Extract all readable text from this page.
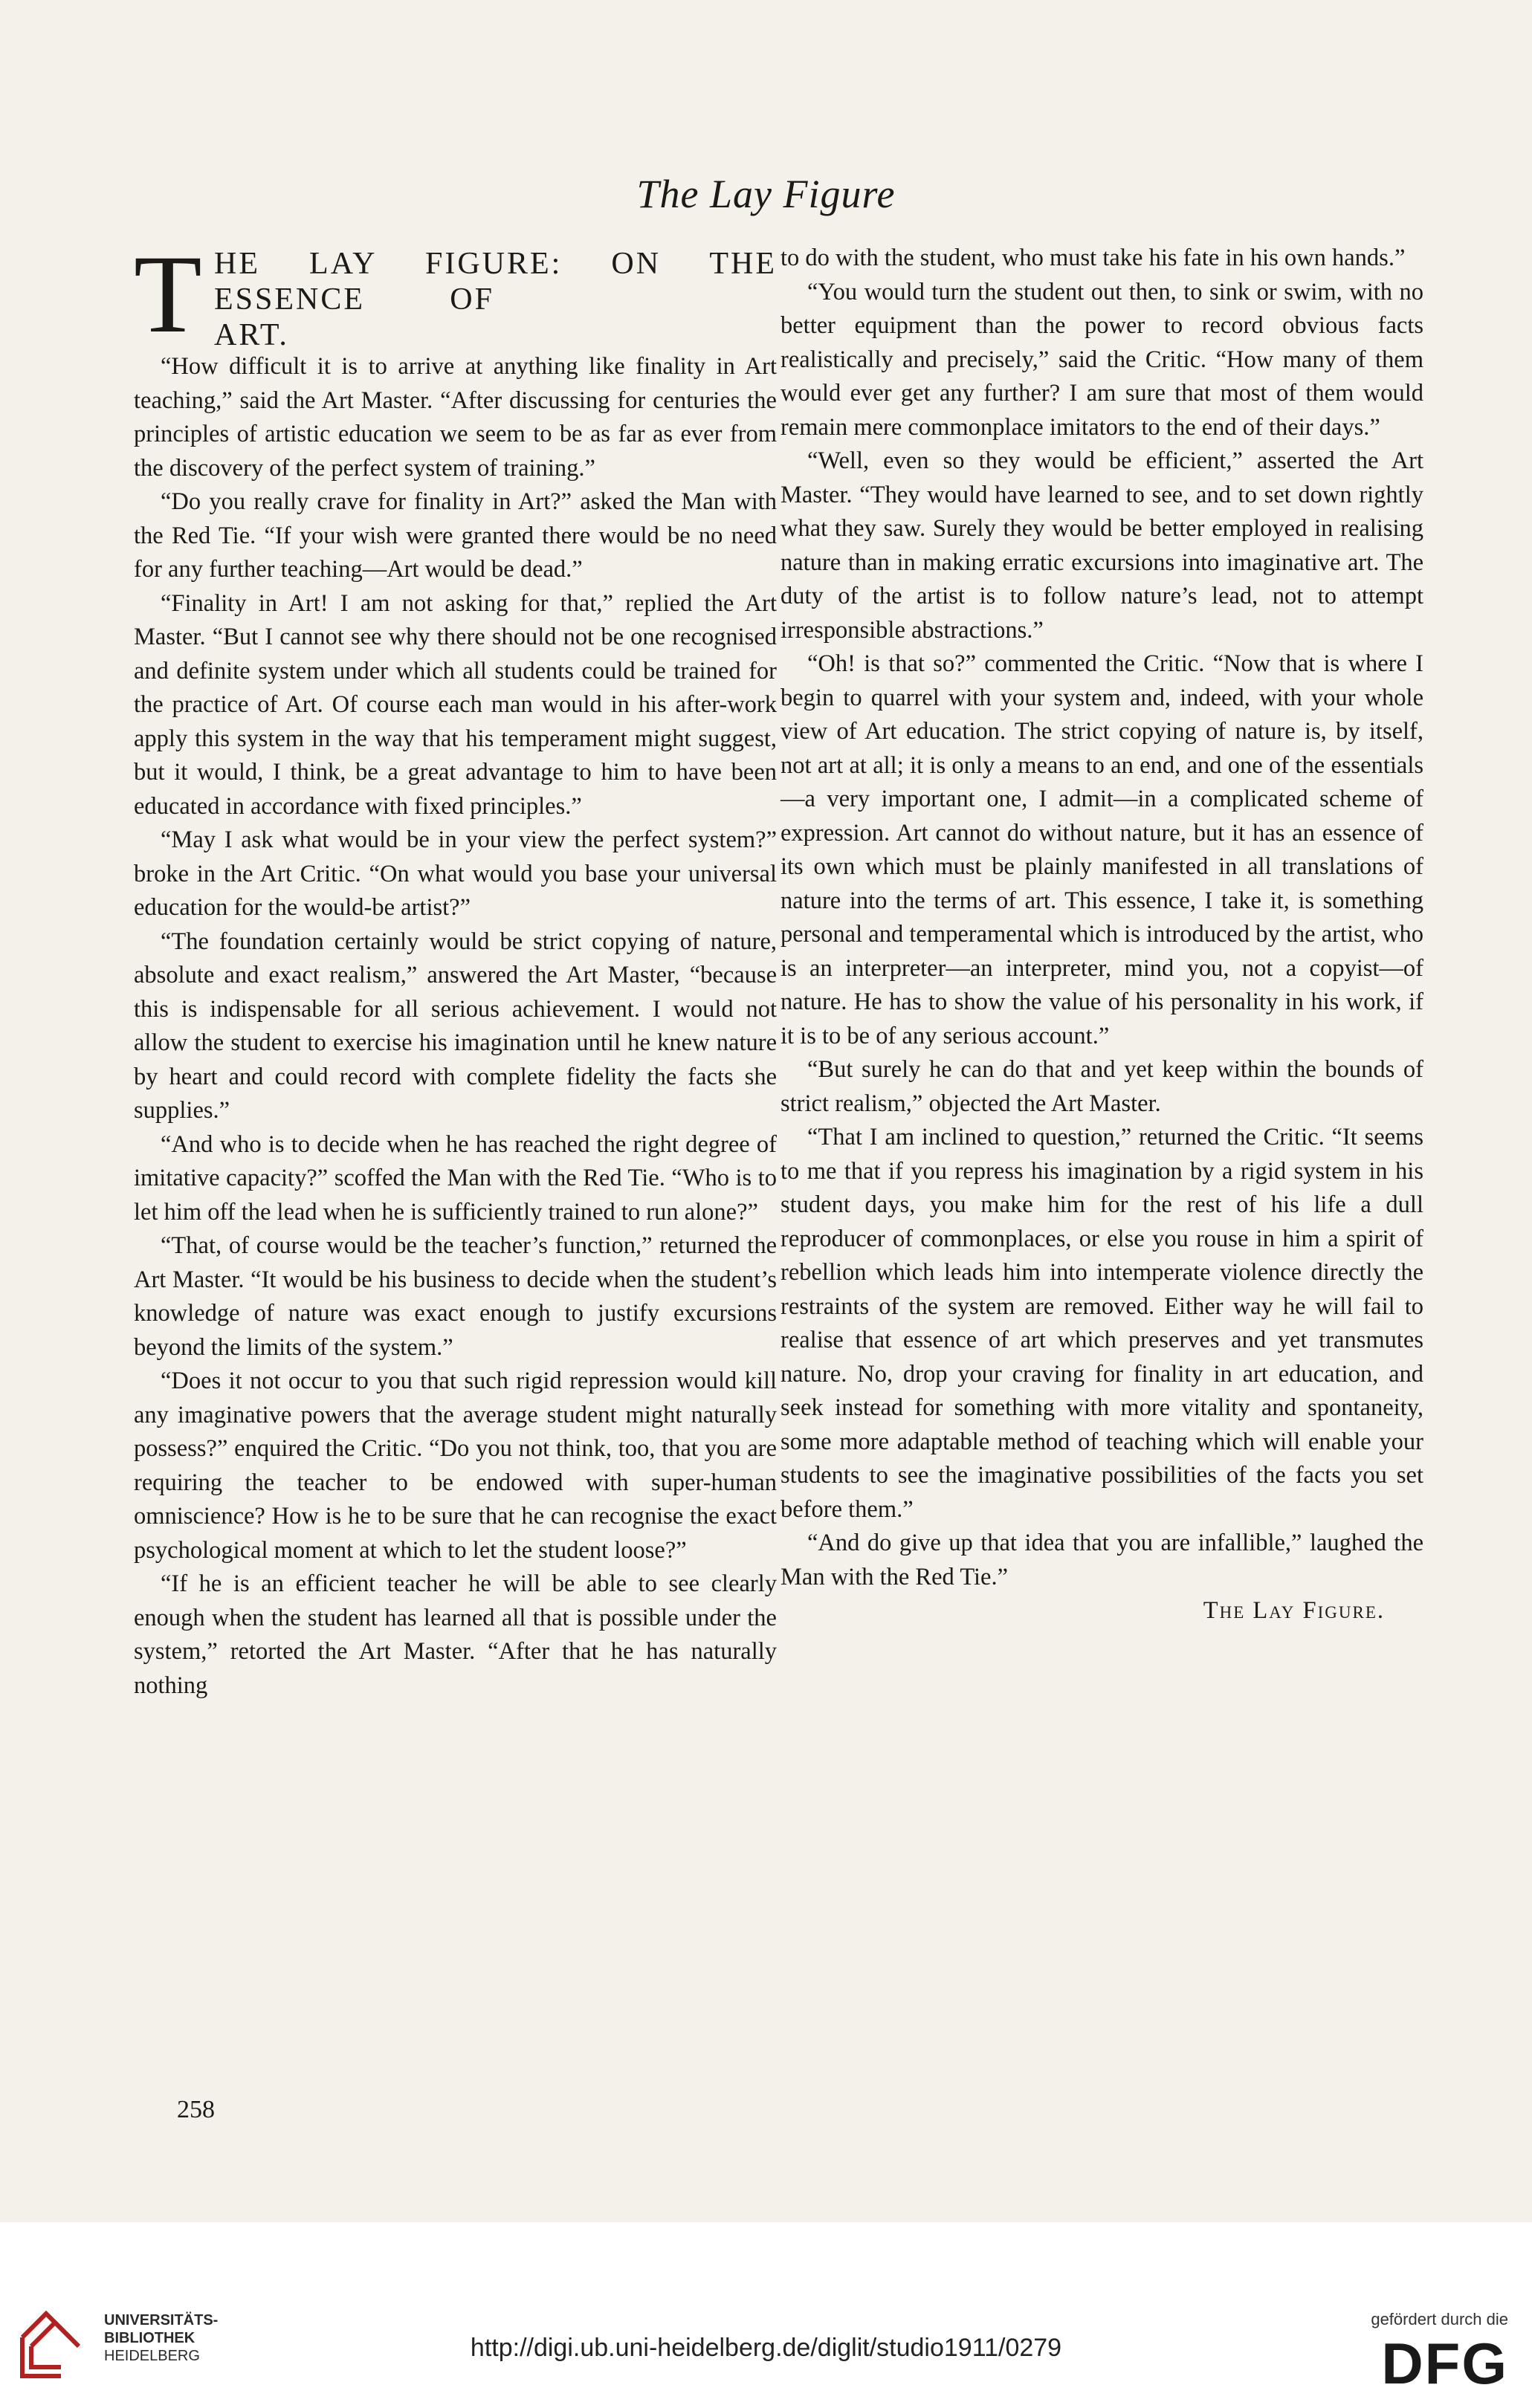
The Lay Figure
T HE LAY FIGURE: ON THE
ESSENCE OF ART.

“How difficult it is to arrive at anything like finality in Art teaching,” said the Art Master. “After discussing for centuries the principles of artistic education we seem to be as far as ever from the discovery of the perfect system of training.”

“Do you really crave for finality in Art?” asked the Man with the Red Tie. “If your wish were granted there would be no need for any further teaching—Art would be dead.”

“Finality in Art! I am not asking for that,” replied the Art Master. “But I cannot see why there should not be one recognised and definite system under which all students could be trained for the practice of Art. Of course each man would in his after-work apply this system in the way that his temperament might suggest, but it would, I think, be a great advantage to him to have been educated in accordance with fixed principles.”

“May I ask what would be in your view the perfect system?” broke in the Art Critic. “On what would you base your universal education for the would-be artist?”

“The foundation certainly would be strict copying of nature, absolute and exact realism,” answered the Art Master, “because this is indispensable for all serious achievement. I would not allow the student to exercise his imagination until he knew nature by heart and could record with complete fidelity the facts she supplies.”

“And who is to decide when he has reached the right degree of imitative capacity?” scoffed the Man with the Red Tie. “Who is to let him off the lead when he is sufficiently trained to run alone?”

“That, of course would be the teacher’s function,” returned the Art Master. “It would be his business to decide when the student’s knowledge of nature was exact enough to justify excursions beyond the limits of the system.”

“Does it not occur to you that such rigid repression would kill any imaginative powers that the average student might naturally possess?” enquired the Critic. “Do you not think, too, that you are requiring the teacher to be endowed with super-human omniscience? How is he to be sure that he can recognise the exact psychological moment at which to let the student loose?”

“If he is an efficient teacher he will be able to see clearly enough when the student has learned all that is possible under the system,” retorted the Art Master. “After that he has naturally nothing

to do with the student, who must take his fate in his own hands.”

“You would turn the student out then, to sink or swim, with no better equipment than the power to record obvious facts realistically and precisely,” said the Critic. “How many of them would ever get any further? I am sure that most of them would remain mere commonplace imitators to the end of their days.”

“Well, even so they would be efficient,” asserted the Art Master. “They would have learned to see, and to set down rightly what they saw. Surely they would be better employed in realising nature than in making erratic excursions into imaginative art. The duty of the artist is to follow nature’s lead, not to attempt irresponsible abstractions.”

“Oh! is that so?” commented the Critic. “Now that is where I begin to quarrel with your system and, indeed, with your whole view of Art education. The strict copying of nature is, by itself, not art at all; it is only a means to an end, and one of the essentials—a very important one, I admit—in a complicated scheme of expression. Art cannot do without nature, but it has an essence of its own which must be plainly manifested in all translations of nature into the terms of art. This essence, I take it, is something personal and temperamental which is introduced by the artist, who is an interpreter—an interpreter, mind you, not a copyist—of nature. He has to show the value of his personality in his work, if it is to be of any serious account.”

“But surely he can do that and yet keep within the bounds of strict realism,” objected the Art Master.

“That I am inclined to question,” returned the Critic. “It seems to me that if you repress his imagination by a rigid system in his student days, you make him for the rest of his life a dull reproducer of commonplaces, or else you rouse in him a spirit of rebellion which leads him into intemperate violence directly the restraints of the system are removed. Either way he will fail to realise that essence of art which preserves and yet transmutes nature. No, drop your craving for finality in art education, and seek instead for something with more vitality and spontaneity, some more adaptable method of teaching which will enable your students to see the imaginative possibilities of the facts you set before them.”

“And do give up that idea that you are infallible,” laughed the Man with the Red Tie.”

The Lay Figure.

258

UNIVERSITÄTS-
BIBLIOTHEK
HEIDELBERG	http://digi.ub.uni-heidelberg.de/diglit/studio1911/0279
gefördert durch die
DFG
